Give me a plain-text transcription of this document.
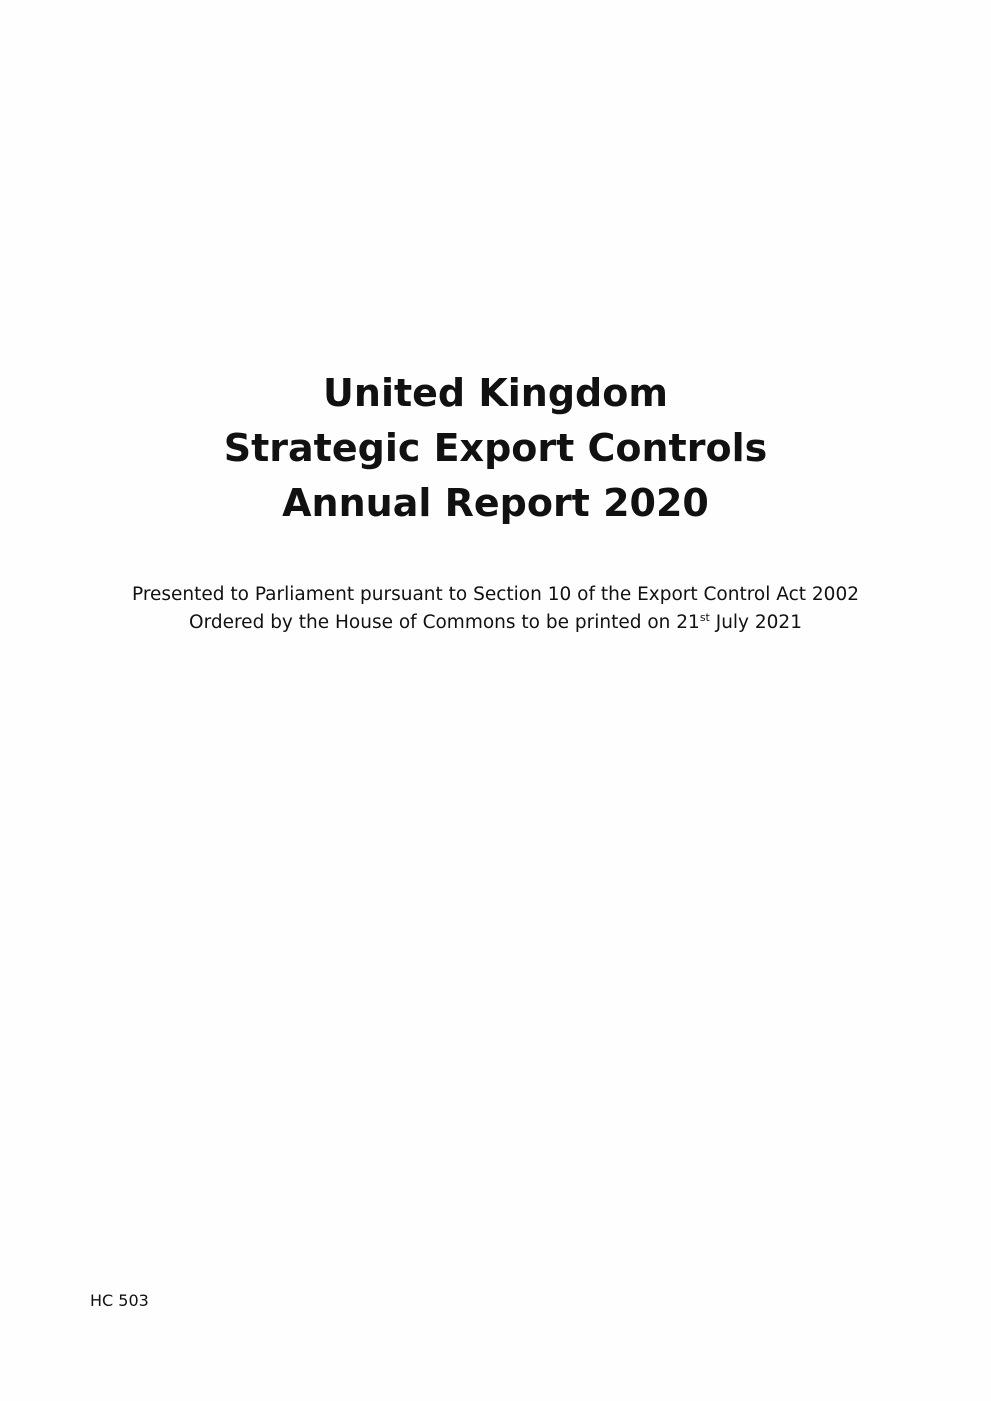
United Kingdom
Strategic Export Controls
Annual Report 2020
Presented to Parliament pursuant to Section 10 of the Export Control Act 2002
Ordered by the House of Commons to be printed on 21st July 2021
HC 503
